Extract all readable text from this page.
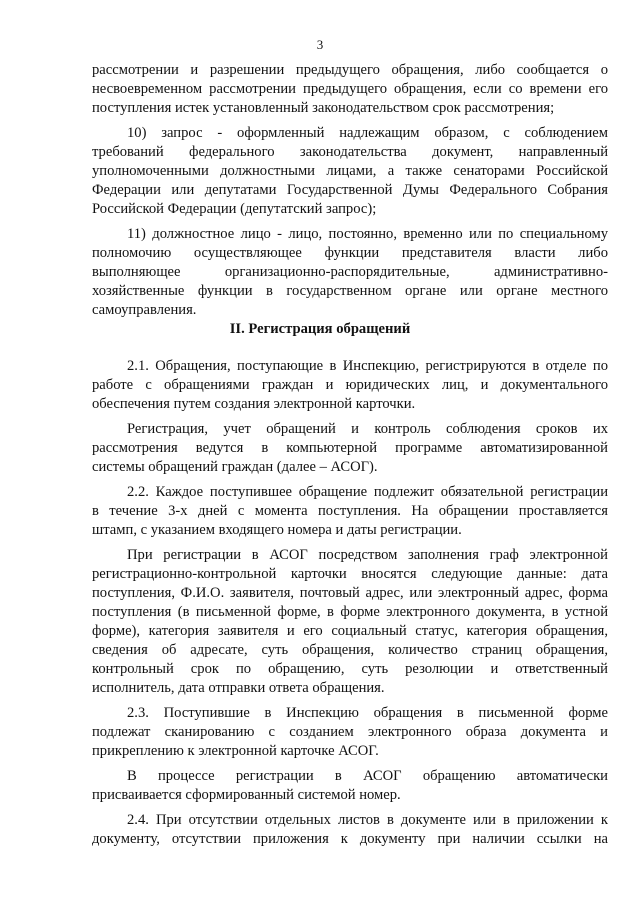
3
рассмотрении и разрешении предыдущего обращения, либо сообщается о
несвоевременном рассмотрении предыдущего обращения, если со времени его
поступления истек установленный законодательством срок рассмотрения;
10) запрос - оформленный надлежащим образом, с соблюдением
требований федерального законодательства документ, направленный
уполномоченными должностными лицами, а также сенаторами Российской
Федерации или депутатами Государственной Думы Федерального Собрания
Российской Федерации (депутатский запрос);
11) должностное лицо - лицо, постоянно, временно или по специальному
полномочию осуществляющее функции представителя власти либо
выполняющее организационно-распорядительные, административно-
хозяйственные функции в государственном органе или органе местного
самоуправления.
II. Регистрация обращений
2.1. Обращения, поступающие в Инспекцию, регистрируются в отделе по
работе с обращениями граждан и юридических лиц, и документального
обеспечения путем создания электронной карточки.
Регистрация, учет обращений и контроль соблюдения сроков их
рассмотрения ведутся в компьютерной программе автоматизированной
системы обращений граждан (далее – АСОГ).
2.2. Каждое поступившее обращение подлежит обязательной регистрации
в течение 3-х дней с момента поступления. На обращении проставляется
штамп, с указанием входящего номера и даты регистрации.
При регистрации в АСОГ посредством заполнения граф электронной
регистрационно-контрольной карточки вносятся следующие данные: дата
поступления, Ф.И.О. заявителя, почтовый адрес, или электронный адрес, форма
поступления (в письменной форме, в форме электронного документа, в устной
форме), категория заявителя и его социальный статус, категория обращения,
сведения об адресате, суть обращения, количество страниц обращения,
контрольный срок по обращению, суть резолюции и ответственный
исполнитель, дата отправки ответа обращения.
2.3. Поступившие в Инспекцию обращения в письменной форме
подлежат сканированию с созданием электронного образа документа и
прикреплению к электронной карточке АСОГ.
В процессе регистрации в АСОГ обращению автоматически
присваивается сформированный системой номер.
2.4. При отсутствии отдельных листов в документе или в приложении к
документу, отсутствии приложения к документу при наличии ссылки на
